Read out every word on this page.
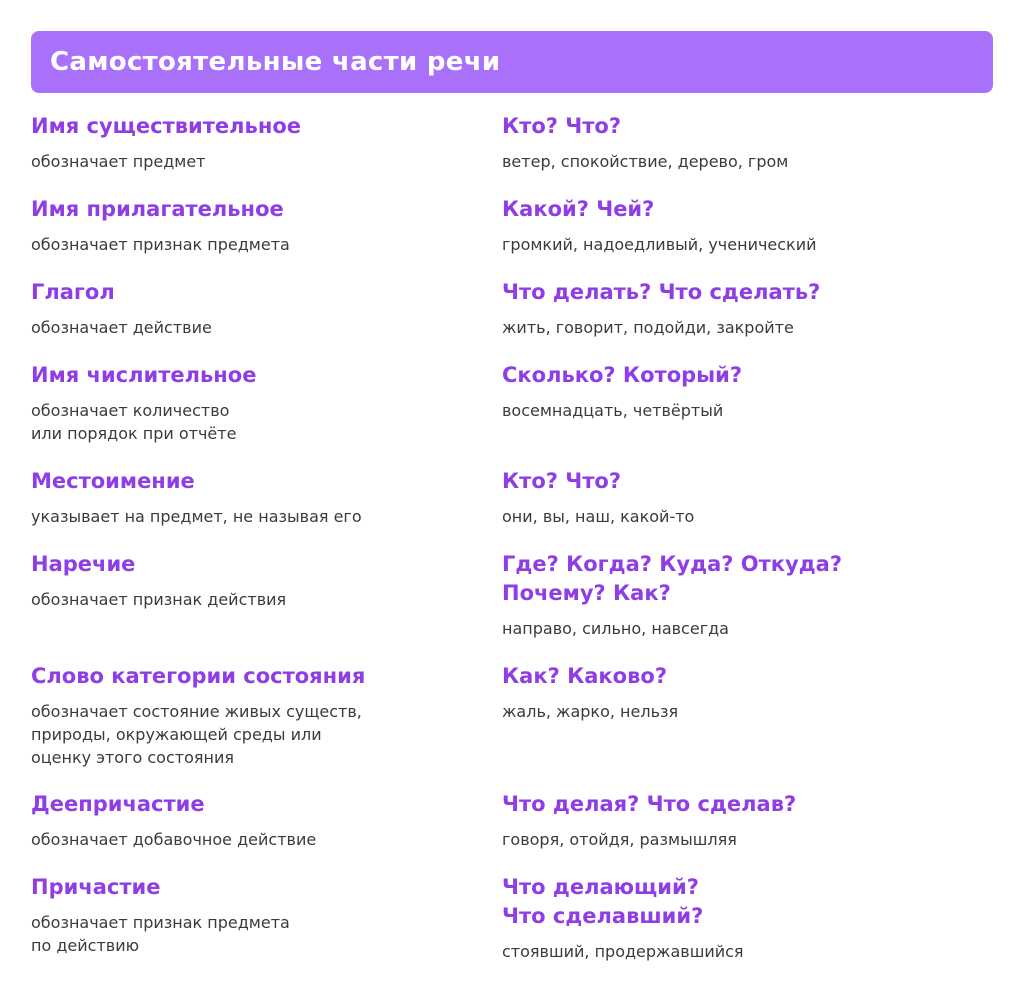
Самостоятельные части речи
Имя существительное
обозначает предмет
Кто? Что?
ветер, спокойствие, дерево, гром
Имя прилагательное
обозначает признак предмета
Какой? Чей?
громкий, надоедливый, ученический
Глагол
обозначает действие
Что делать? Что сделать?
жить, говорит, подойди, закройте
Имя числительное
обозначает количество
или порядок при отчёте
Сколько? Который?
восемнадцать, четвёртый
Местоимение
указывает на предмет, не называя его
Кто? Что?
они, вы, наш, какой-то
Наречие
обозначает признак действия
Где? Когда? Куда? Откуда?
Почему? Как?
направо, сильно, навсегда
Слово категории состояния
обозначает состояние живых существ,
природы, окружающей среды или
оценку этого состояния
Как? Каково?
жаль, жарко, нельзя
Деепричастие
обозначает добавочное действие
Что делая? Что сделав?
говоря, отойдя, размышляя
Причастие
обозначает признак предмета
по действию
Что делающий?
Что сделавший?
стоявший, продержавшийся
